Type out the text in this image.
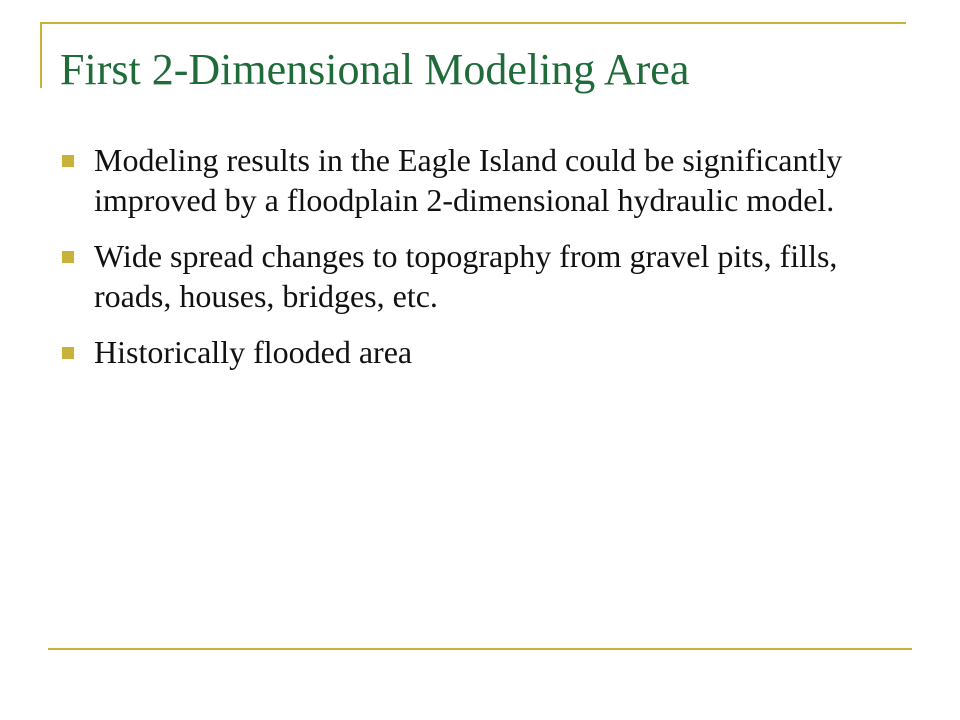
First 2-Dimensional Modeling Area
Modeling results in the Eagle Island could be significantly improved by a floodplain 2-dimensional hydraulic model.
Wide spread changes to topography from gravel pits, fills, roads, houses, bridges, etc.
Historically flooded area
